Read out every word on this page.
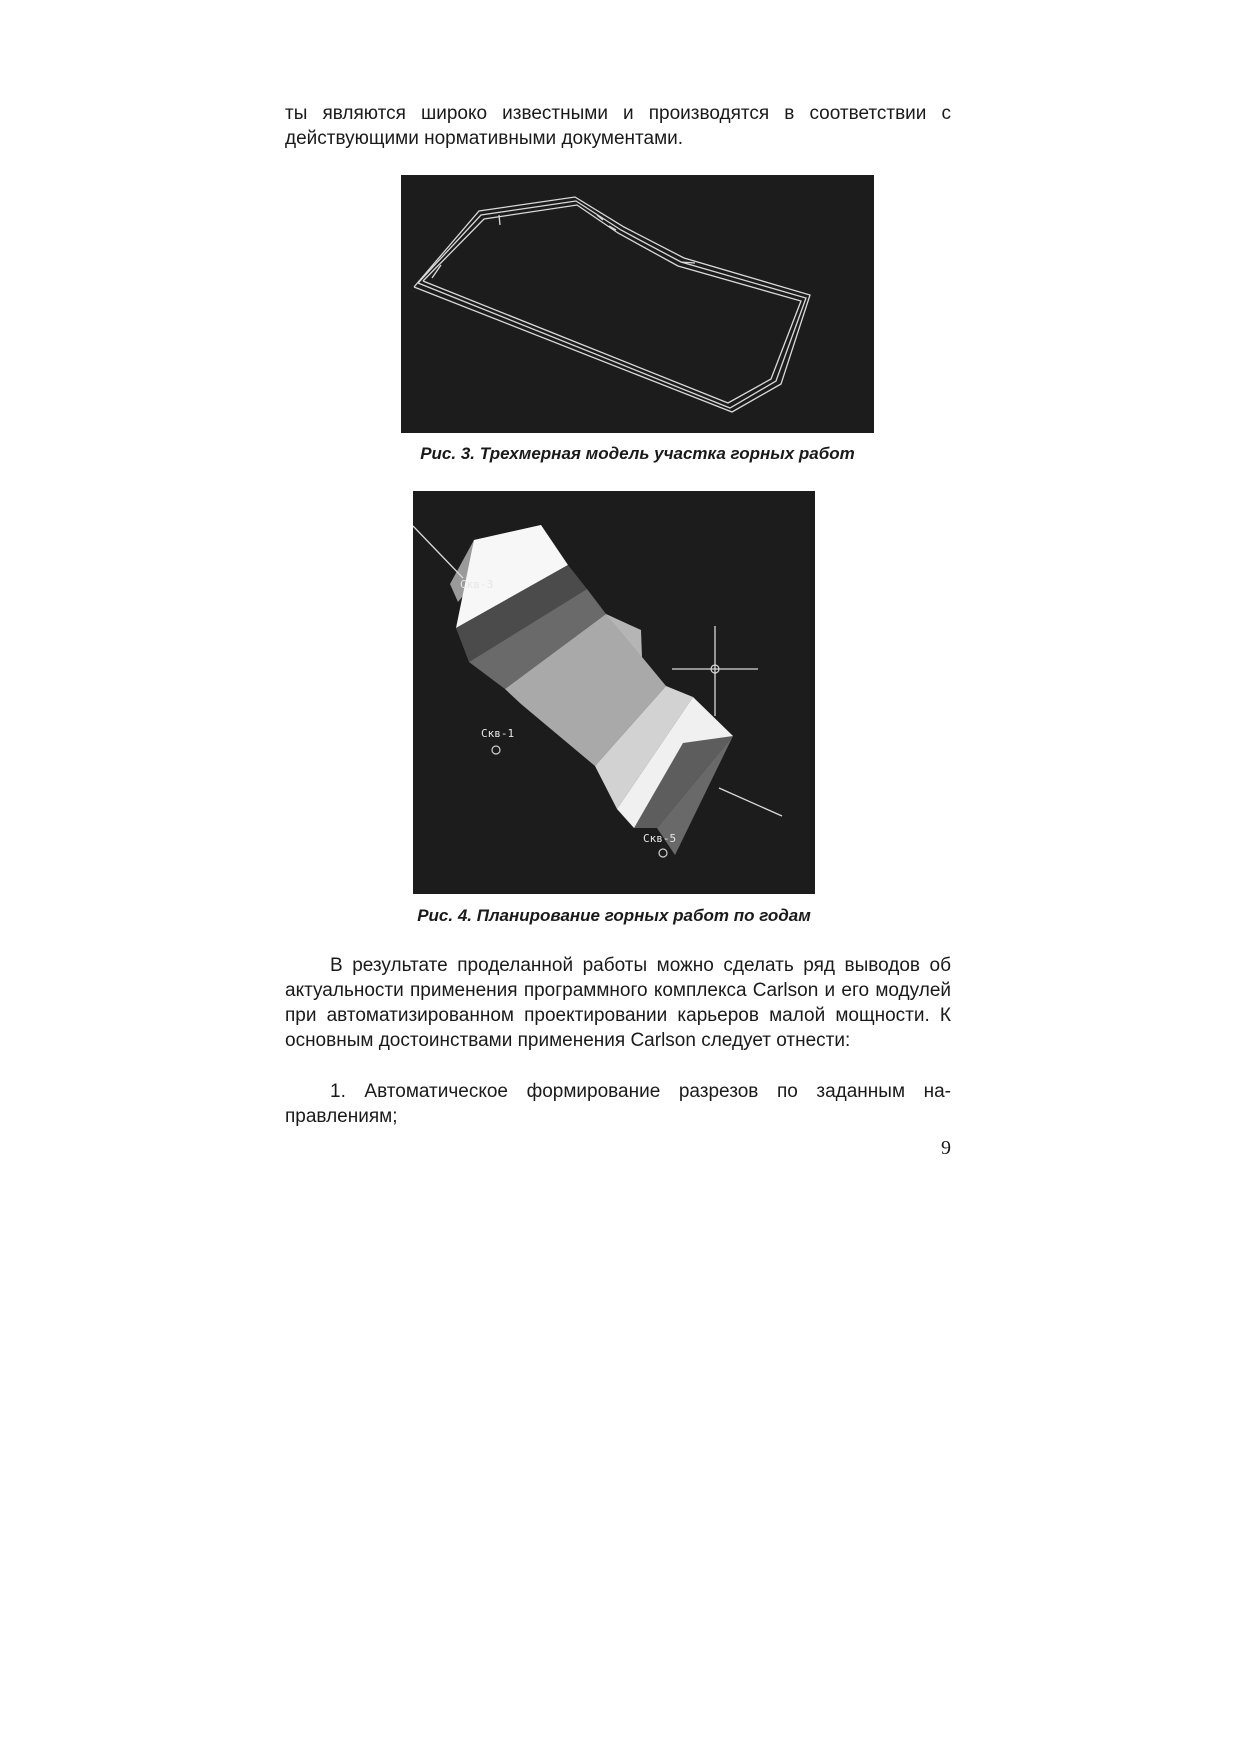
ты являются широко известными и производятся в соответствии с

действующими нормативными документами.

Рис. 3. Трехмерная модель участка горных работ

Скв-3
Скв-1
Скв-5

Рис. 4. Планирование горных работ по годам

В результате проделанной работы можно сделать ряд выводов об актуальности применения программного комплекса Carlson и его модулей при автоматизированном проектировании карьеров малой мощности. К основным достоинствами применения Carlson следует отнести:

1. Автоматическое формирование разрезов по заданным на-

правлениям;

9
